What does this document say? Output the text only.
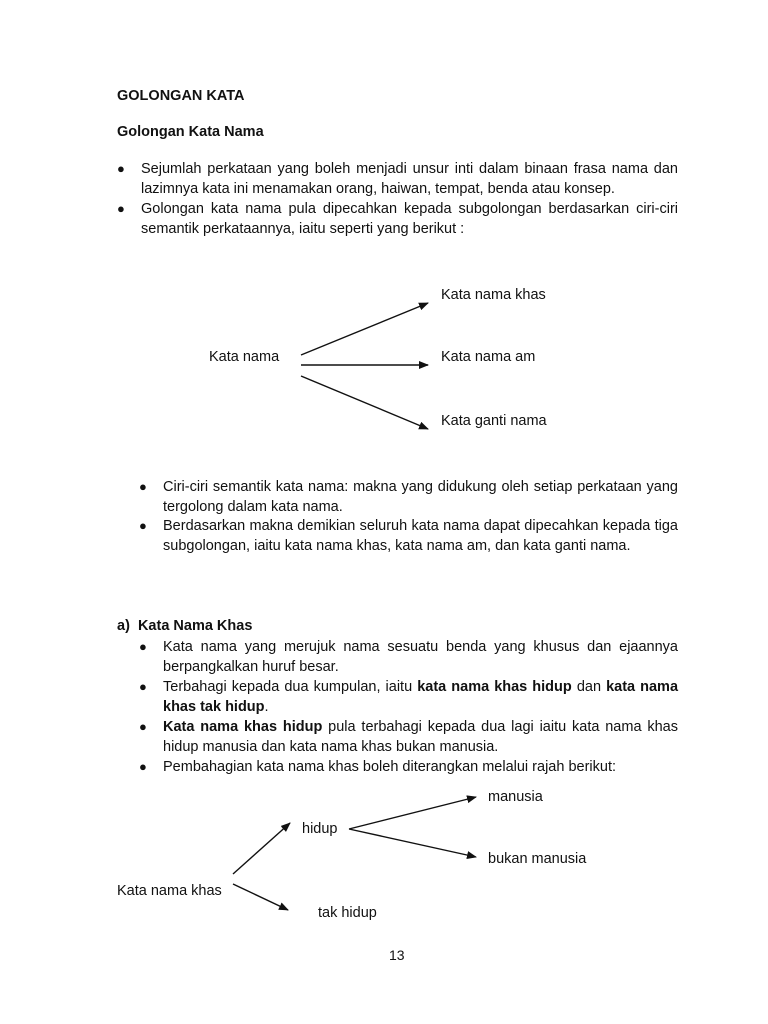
GOLONGAN KATA
Golongan Kata Nama
● Sejumlah perkataan yang boleh menjadi unsur inti dalam binaan frasa nama dan lazimnya kata ini menamakan orang, haiwan, tempat, benda atau konsep.
● Golongan kata nama pula dipecahkan kepada subgolongan berdasarkan ciri-ciri semantik perkataannya, iaitu seperti yang berikut :
Kata nama
Kata nama khas
Kata nama am
Kata ganti nama
● Ciri-ciri semantik kata nama: makna yang didukung oleh setiap perkataan yang tergolong dalam kata nama.
● Berdasarkan makna demikian seluruh kata nama dapat dipecahkan kepada tiga subgolongan, iaitu kata nama khas, kata nama am, dan kata ganti nama.
a)  Kata Nama Khas
● Kata nama yang merujuk nama sesuatu benda yang khusus dan ejaannya berpangkalkan huruf besar.
● Terbahagi kepada dua kumpulan, iaitu kata nama khas hidup dan kata nama khas tak hidup.
● Kata nama khas hidup pula terbahagi kepada dua lagi iaitu kata nama khas hidup manusia dan kata nama khas bukan manusia.
● Pembahagian kata nama khas boleh diterangkan melalui rajah berikut:
Kata nama khas
hidup
tak hidup
manusia
bukan manusia
13
